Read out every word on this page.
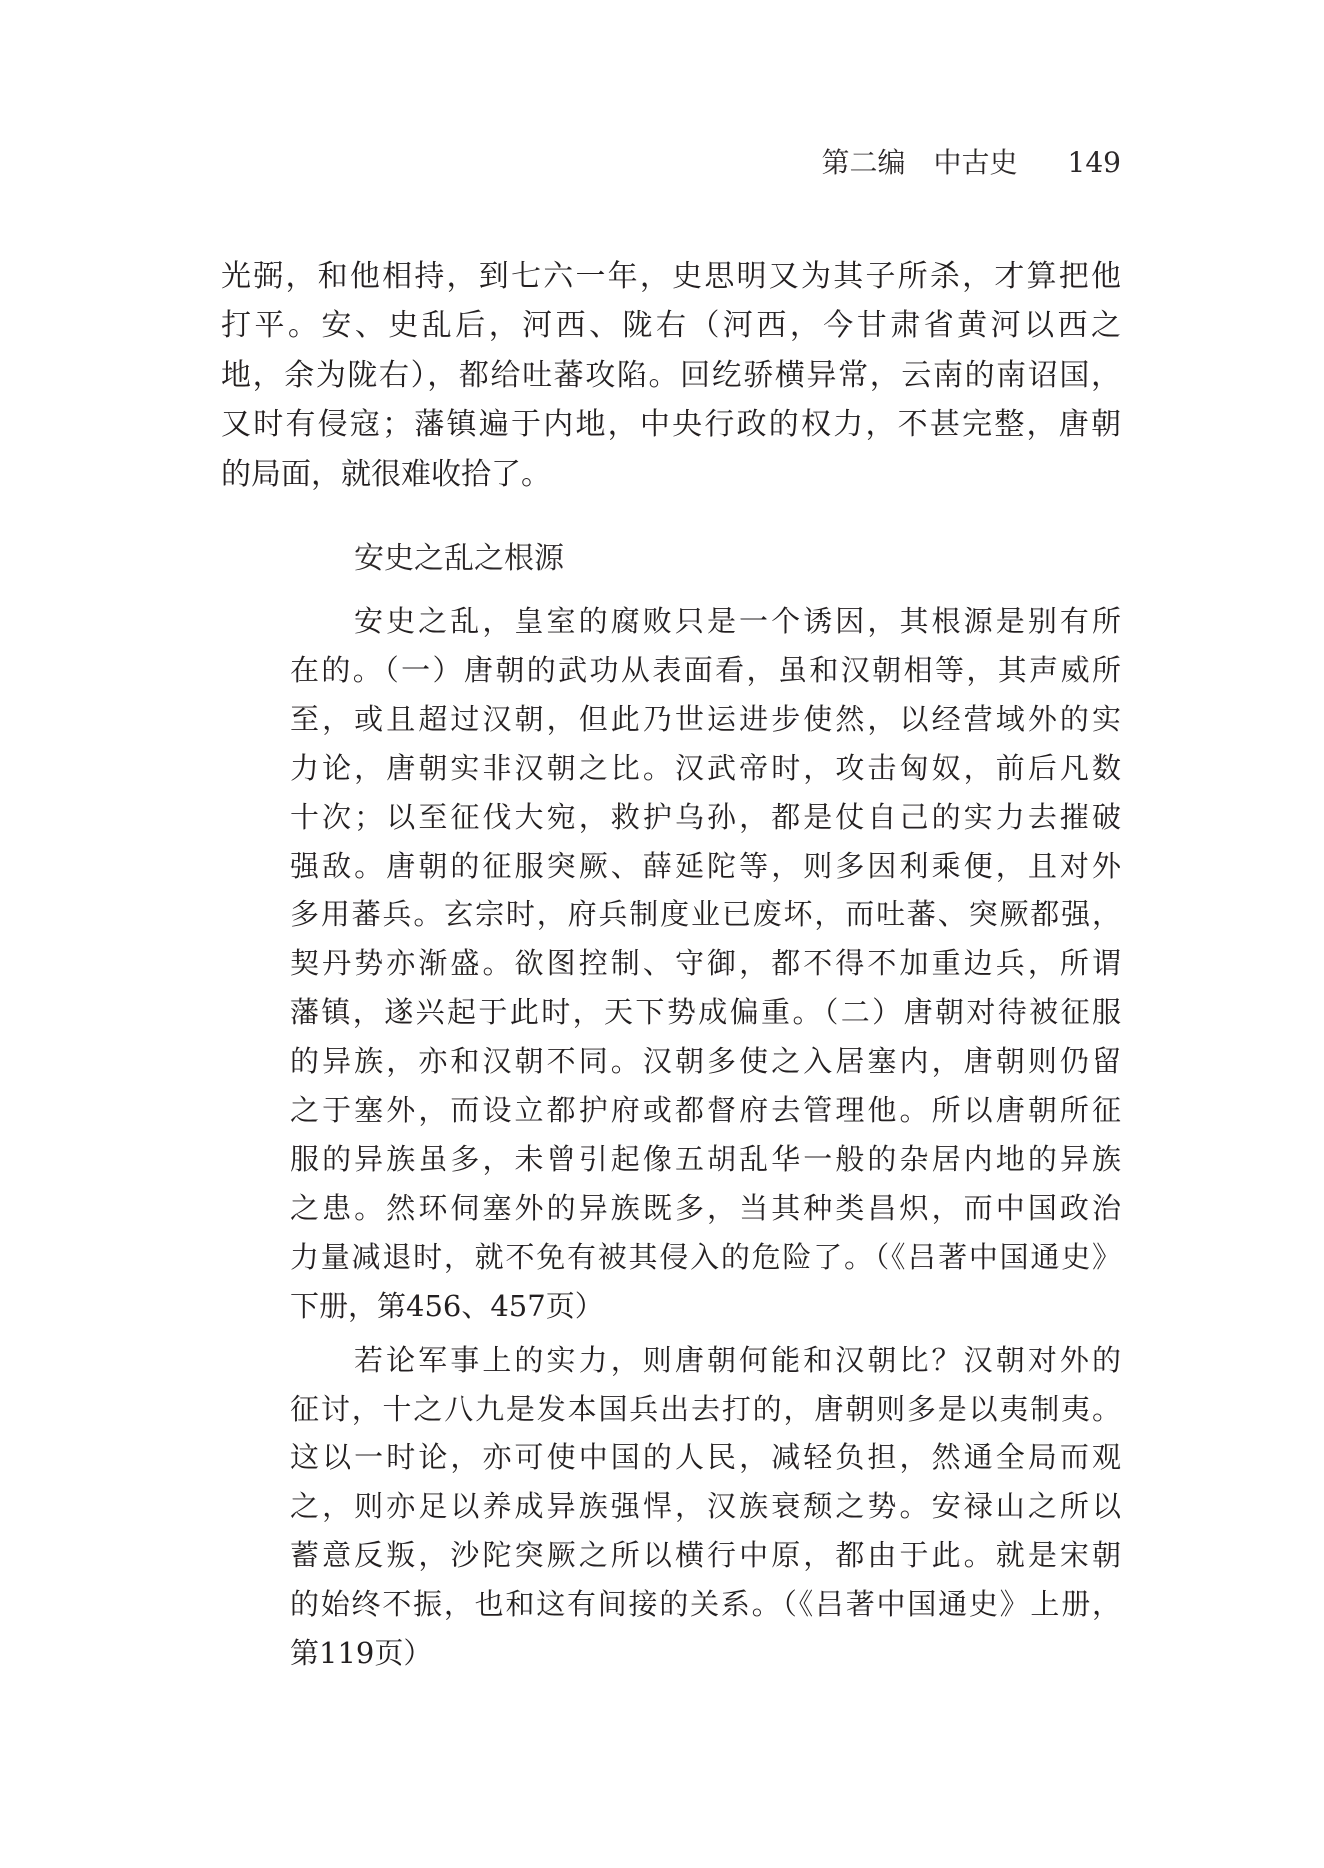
第二编　中古史 149
光弼，和他相持，到七六一年，史思明又为其子所杀，才算把他
打平。安、史乱后，河西、陇右（河西，今甘肃省黄河以西之
地，余为陇右），都给吐蕃攻陷。回纥骄横异常，云南的南诏国，
又时有侵寇；藩镇遍于内地，中央行政的权力，不甚完整，唐朝
的局面，就很难收拾了。
安史之乱之根源
安史之乱，皇室的腐败只是一个诱因，其根源是别有所
在的。（一）唐朝的武功从表面看，虽和汉朝相等，其声威所
至，或且超过汉朝，但此乃世运进步使然，以经营域外的实
力论，唐朝实非汉朝之比。汉武帝时，攻击匈奴，前后凡数
十次；以至征伐大宛，救护乌孙，都是仗自己的实力去摧破
强敌。唐朝的征服突厥、薛延陀等，则多因利乘便，且对外
多用蕃兵。玄宗时，府兵制度业已废坏，而吐蕃、突厥都强，
契丹势亦渐盛。欲图控制、守御，都不得不加重边兵，所谓
藩镇，遂兴起于此时，天下势成偏重。（二）唐朝对待被征服
的异族，亦和汉朝不同。汉朝多使之入居塞内，唐朝则仍留
之于塞外，而设立都护府或都督府去管理他。所以唐朝所征
服的异族虽多，未曾引起像五胡乱华一般的杂居内地的异族
之患。然环伺塞外的异族既多，当其种类昌炽，而中国政治
力量减退时，就不免有被其侵入的危险了。（《吕著中国通史》
下册，第456、457页）
若论军事上的实力，则唐朝何能和汉朝比？汉朝对外的
征讨，十之八九是发本国兵出去打的，唐朝则多是以夷制夷。
这以一时论，亦可使中国的人民，减轻负担，然通全局而观
之，则亦足以养成异族强悍，汉族衰颓之势。安禄山之所以
蓄意反叛，沙陀突厥之所以横行中原，都由于此。就是宋朝
的始终不振，也和这有间接的关系。（《吕著中国通史》上册，
第119页）
